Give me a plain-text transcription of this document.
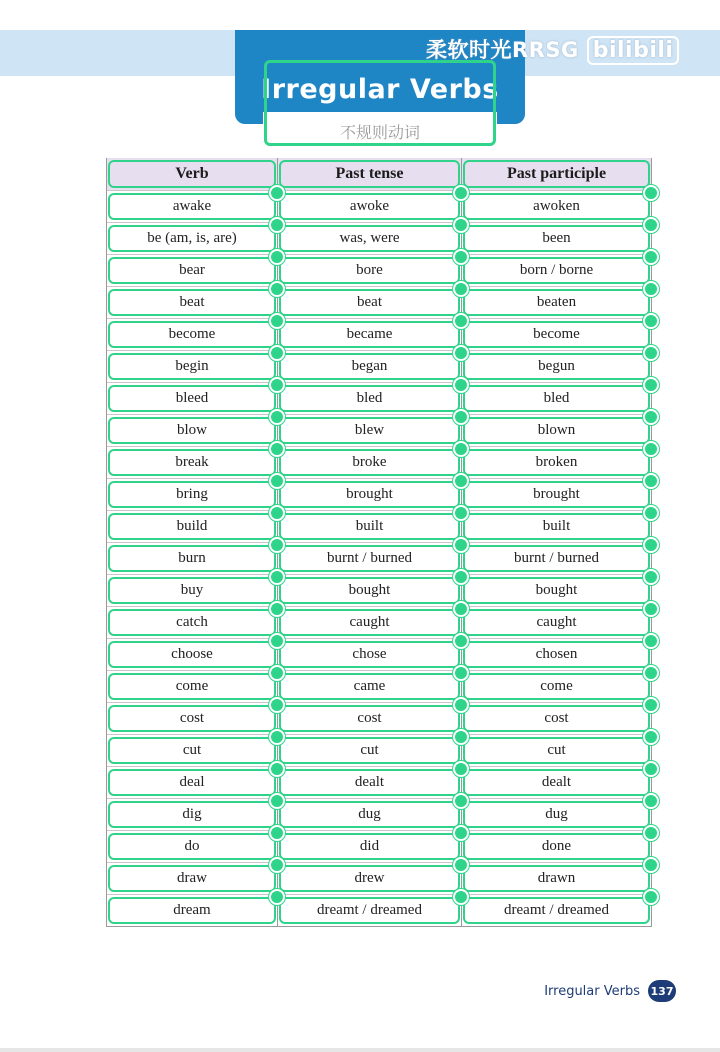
Irregular Verbs
不规则动词
柔软时光RRSG bilibili
Verb	Past tense	Past participle
awake	awoke	awoken
be (am, is, are)	was, were	been
bear	bore	born / borne
beat	beat	beaten
become	became	become
begin	began	begun
bleed	bled	bled
blow	blew	blown
break	broke	broken
bring	brought	brought
build	built	built
burn	burnt / burned	burnt / burned
buy	bought	bought
catch	caught	caught
choose	chose	chosen
come	came	come
cost	cost	cost
cut	cut	cut
deal	dealt	dealt
dig	dug	dug
do	did	done
draw	drew	drawn
dream	dreamt / dreamed	dreamt / dreamed
Irregular Verbs 137
